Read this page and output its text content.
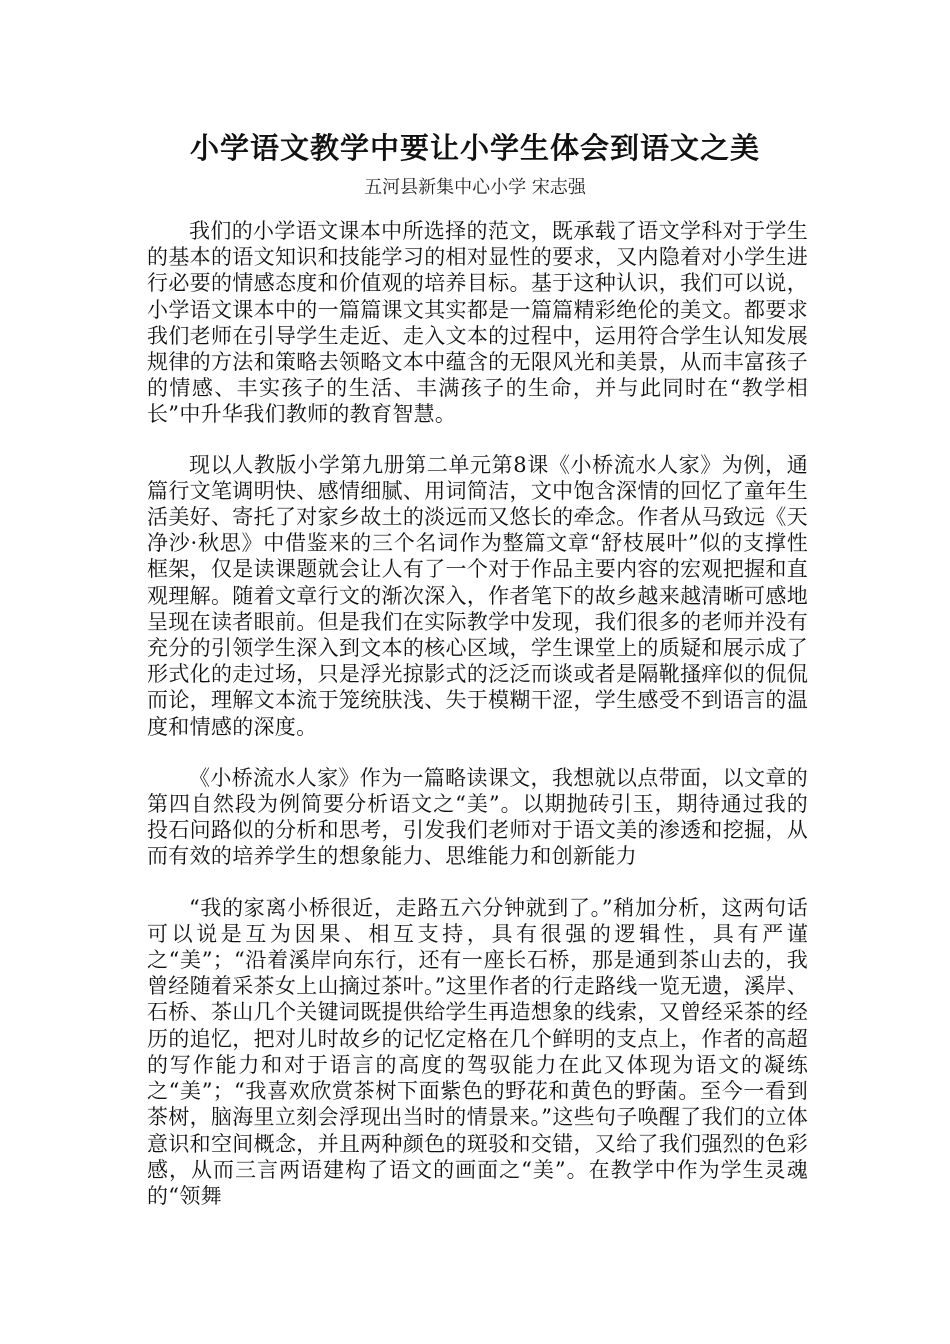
小学语文教学中要让小学生体会到语文之美
五河县新集中心小学 宋志强

我们的小学语文课本中所选择的范文，既承载了语文学科对于学生的基本的语文知识和技能学习的相对显性的要求，又内隐着对小学生进行必要的情感态度和价值观的培养目标。基于这种认识，我们可以说，小学语文课本中的一篇篇课文其实都是一篇篇精彩绝伦的美文。都要求我们老师在引导学生走近、走入文本的过程中，运用符合学生认知发展规律的方法和策略去领略文本中蕴含的无限风光和美景，从而丰富孩子的情感、丰实孩子的生活、丰满孩子的生命，并与此同时在“教学相长”中升华我们教师的教育智慧。

现以人教版小学第九册第二单元第8课《小桥流水人家》为例，通篇行文笔调明快、感情细腻、用词简洁，文中饱含深情的回忆了童年生活美好、寄托了对家乡故土的淡远而又悠长的牵念。作者从马致远《天净沙·秋思》中借鉴来的三个名词作为整篇文章“舒枝展叶”似的支撑性框架，仅是读课题就会让人有了一个对于作品主要内容的宏观把握和直观理解。随着文章行文的渐次深入，作者笔下的故乡越来越清晰可感地呈现在读者眼前。但是我们在实际教学中发现，我们很多的老师并没有充分的引领学生深入到文本的核心区域，学生课堂上的质疑和展示成了形式化的走过场，只是浮光掠影式的泛泛而谈或者是隔靴搔痒似的侃侃而论，理解文本流于笼统肤浅、失于模糊干涩，学生感受不到语言的温度和情感的深度。

《小桥流水人家》作为一篇略读课文，我想就以点带面，以文章的第四自然段为例简要分析语文之“美”。以期抛砖引玉，期待通过我的投石问路似的分析和思考，引发我们老师对于语文美的渗透和挖掘，从而有效的培养学生的想象能力、思维能力和创新能力

“我的家离小桥很近，走路五六分钟就到了。”稍加分析，这两句话可以说是互为因果、相互支持，具有很强的逻辑性，具有严谨之“美”；“沿着溪岸向东行，还有一座长石桥，那是通到茶山去的，我曾经随着采茶女上山摘过茶叶。”这里作者的行走路线一览无遗，溪岸、石桥、茶山几个关键词既提供给学生再造想象的线索，又曾经采茶的经历的追忆，把对儿时故乡的记忆定格在几个鲜明的支点上，作者的高超的写作能力和对于语言的高度的驾驭能力在此又体现为语文的凝练之“美”；“我喜欢欣赏茶树下面紫色的野花和黄色的野菌。至今一看到茶树，脑海里立刻会浮现出当时的情景来。”这些句子唤醒了我们的立体意识和空间概念，并且两种颜色的斑驳和交错，又给了我们强烈的色彩感，从而三言两语建构了语文的画面之“美”。在教学中作为学生灵魂的“领舞
